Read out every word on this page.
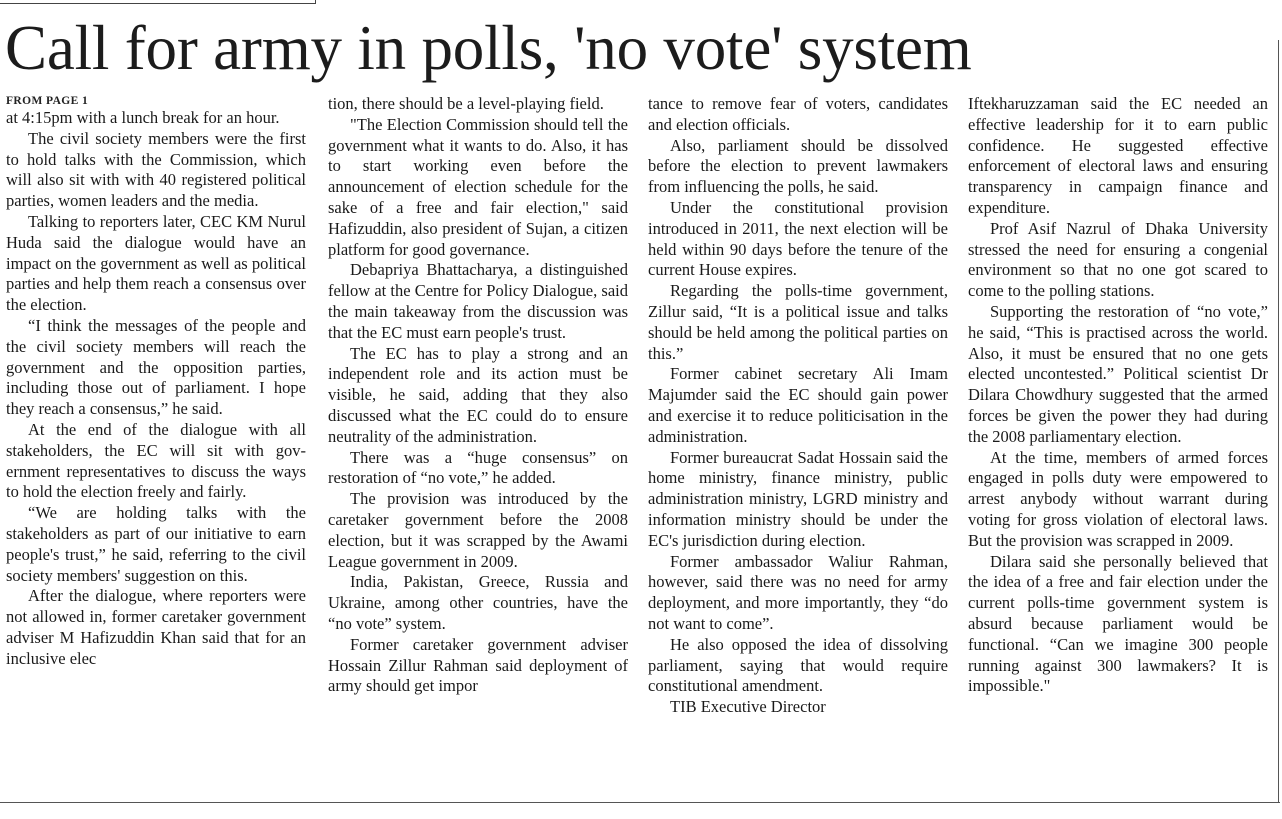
Call for army in polls, 'no vote' system
FROM PAGE 1

at 4:15pm with a lunch break for an hour.

The civil society members were the first to hold talks with the Commission, which will also sit with with 40 registered political parties, women leaders and the media.

Talking to reporters later, CEC KM Nurul Huda said the dialogue would have an impact on the government as well as political parties and help them reach a consensus over the election.

“I think the messages of the people and the civil society members will reach the government and the opposition parties, including those out of parliament. I hope they reach a consensus,” he said.

At the end of the dialogue with all stakeholders, the EC will sit with government representatives to discuss the ways to hold the election freely and fairly.

“We are holding talks with the stakeholders as part of our initiative to earn people's trust,” he said, referring to the civil society members' suggestion on this.

After the dialogue, where reporters were not allowed in, former caretaker government adviser M Hafizuddin Khan said that for an inclusive elec

tion, there should be a level-playing field.

"The Election Commission should tell the government what it wants to do. Also, it has to start working even before the announcement of election schedule for the sake of a free and fair election," said Hafizuddin, also president of Sujan, a citizen platform for good governance.

Debapriya Bhattacharya, a distinguished fellow at the Centre for Policy Dialogue, said the main takeaway from the discussion was that the EC must earn people's trust.

The EC has to play a strong and an independent role and its action must be visible, he said, adding that they also discussed what the EC could do to ensure neutrality of the administration.

There was a “huge consensus” on restoration of “no vote,” he added.

The provision was introduced by the caretaker government before the 2008 election, but it was scrapped by the Awami League government in 2009.

India, Pakistan, Greece, Russia and Ukraine, among other countries, have the “no vote” system.

Former caretaker government adviser Hossain Zillur Rahman said deployment of army should get impor

tance to remove fear of voters, candidates and election officials.

Also, parliament should be dissolved before the election to prevent lawmakers from influencing the polls, he said.

Under the constitutional provision introduced in 2011, the next election will be held within 90 days before the tenure of the current House expires.

Regarding the polls-time government, Zillur said, “It is a political issue and talks should be held among the political parties on this.”

Former cabinet secretary Ali Imam Majumder said the EC should gain power and exercise it to reduce politicisation in the administration.

Former bureaucrat Sadat Hossain said the home ministry, finance ministry, public administration ministry, LGRD ministry and information ministry should be under the EC's jurisdiction during election.

Former ambassador Waliur Rahman, however, said there was no need for army deployment, and more importantly, they “do not want to come”.

He also opposed the idea of dissolving parliament, saying that would require constitutional amendment.

TIB Executive Director

Iftekharuzzaman said the EC needed an effective leadership for it to earn public confidence. He suggested effective enforcement of electoral laws and ensuring transparency in campaign finance and expenditure.

Prof Asif Nazrul of Dhaka University stressed the need for ensuring a congenial environment so that no one got scared to come to the polling stations.

Supporting the restoration of “no vote,” he said, “This is practised across the world. Also, it must be ensured that no one gets elected uncontested.” Political scientist Dr Dilara Chowdhury suggested that the armed forces be given the power they had during the 2008 parliamentary election.

At the time, members of armed forces engaged in polls duty were empowered to arrest anybody without warrant during voting for gross violation of electoral laws. But the provision was scrapped in 2009.

Dilara said she personally believed that the idea of a free and fair election under the current polls-time government system is absurd because parliament would be functional. “Can we imagine 300 people running against 300 lawmakers? It is impossible."
